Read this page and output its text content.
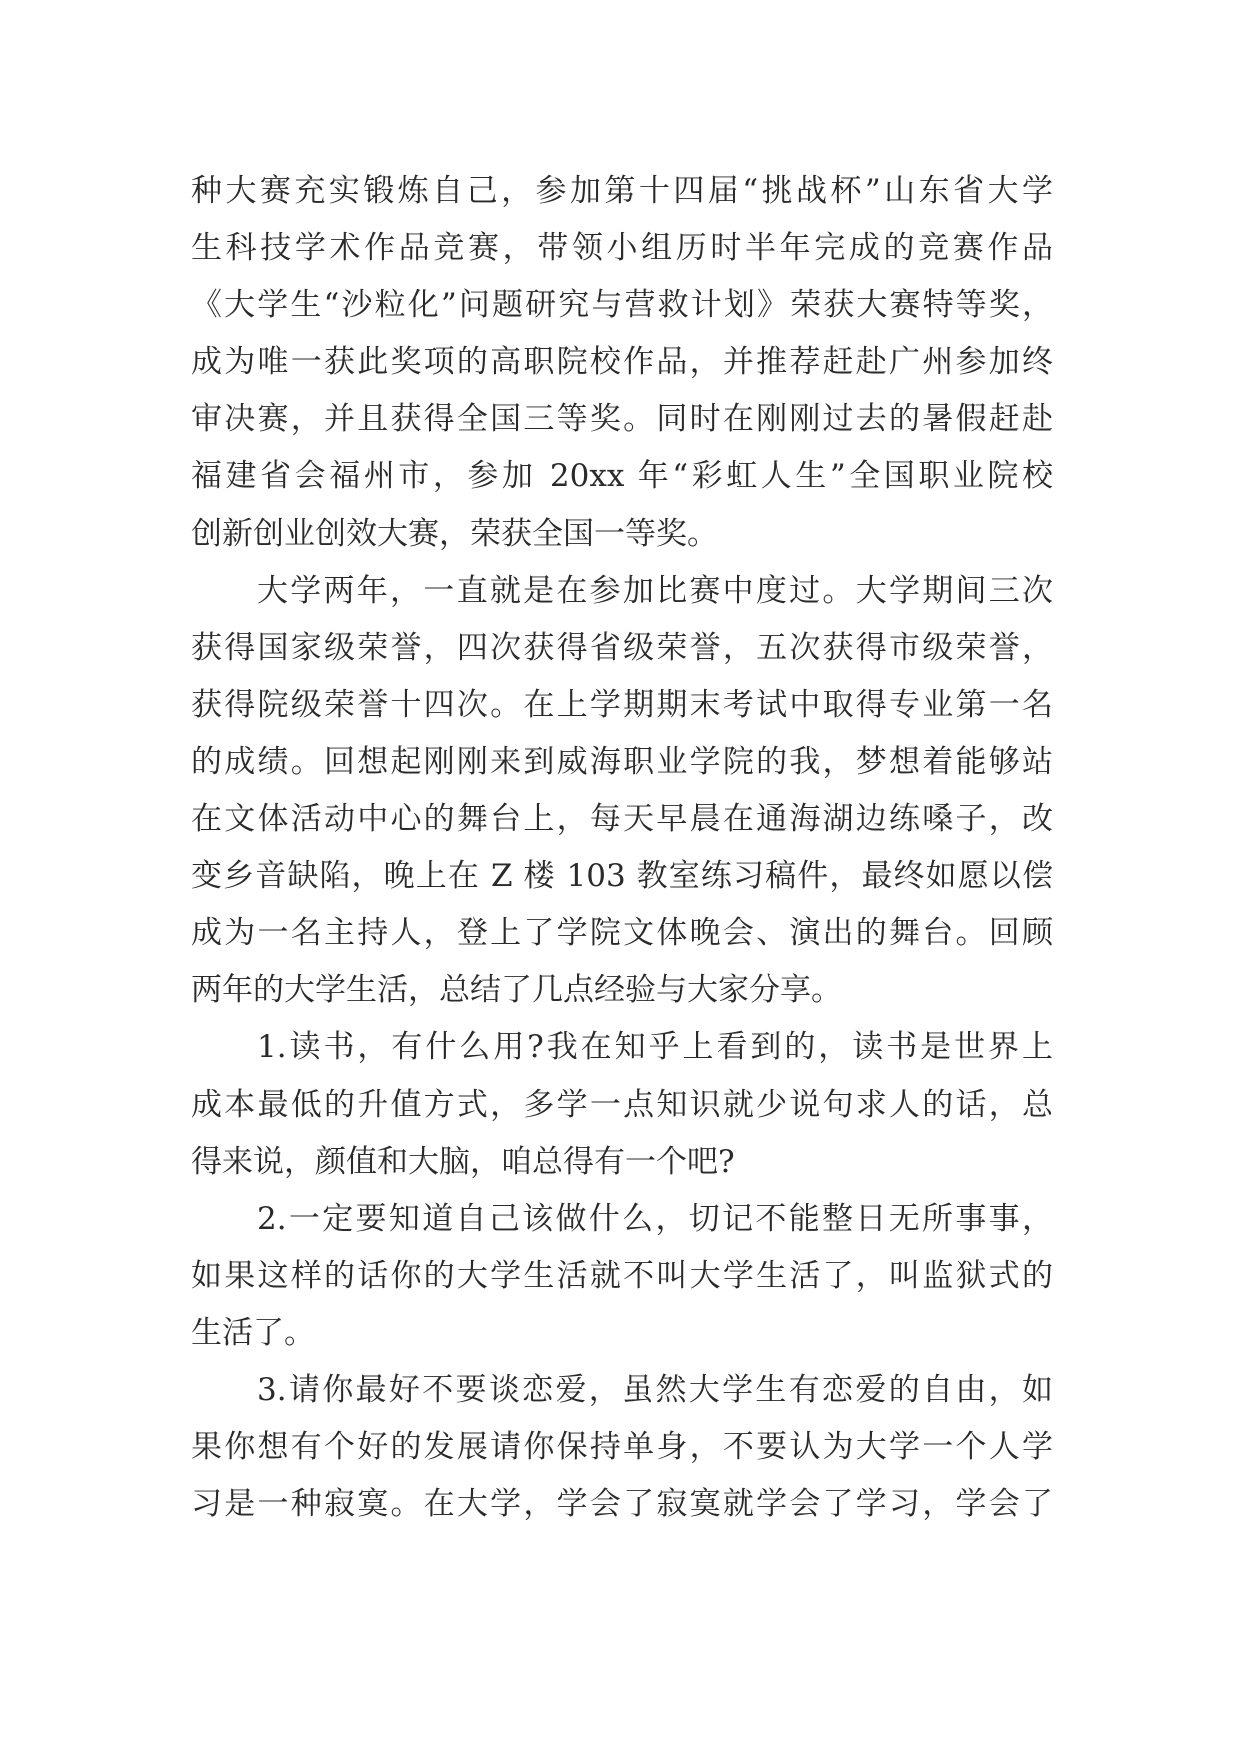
种大赛充实锻炼自己，参加第十四届“挑战杯”山东省大学
生科技学术作品竞赛，带领小组历时半年完成的竞赛作品
《大学生“沙粒化”问题研究与营救计划》荣获大赛特等奖，
成为唯一获此奖项的高职院校作品，并推荐赶赴广州参加终
审决赛，并且获得全国三等奖。同时在刚刚过去的暑假赶赴
福建省会福州市，参加 20xx 年“彩虹人生”全国职业院校
创新创业创效大赛，荣获全国一等奖。
大学两年，一直就是在参加比赛中度过。大学期间三次
获得国家级荣誉，四次获得省级荣誉，五次获得市级荣誉，
获得院级荣誉十四次。在上学期期末考试中取得专业第一名
的成绩。回想起刚刚来到威海职业学院的我，梦想着能够站
在文体活动中心的舞台上，每天早晨在通海湖边练嗓子，改
变乡音缺陷，晚上在 Z 楼 103 教室练习稿件，最终如愿以偿
成为一名主持人，登上了学院文体晚会、演出的舞台。回顾
两年的大学生活，总结了几点经验与大家分享。
1.读书，有什么用?我在知乎上看到的，读书是世界上
成本最低的升值方式，多学一点知识就少说句求人的话，总
得来说，颜值和大脑，咱总得有一个吧?
2.一定要知道自己该做什么，切记不能整日无所事事，
如果这样的话你的大学生活就不叫大学生活了，叫监狱式的
生活了。
3.请你最好不要谈恋爱，虽然大学生有恋爱的自由，如
果你想有个好的发展请你保持单身，不要认为大学一个人学
习是一种寂寞。在大学，学会了寂寞就学会了学习，学会了
